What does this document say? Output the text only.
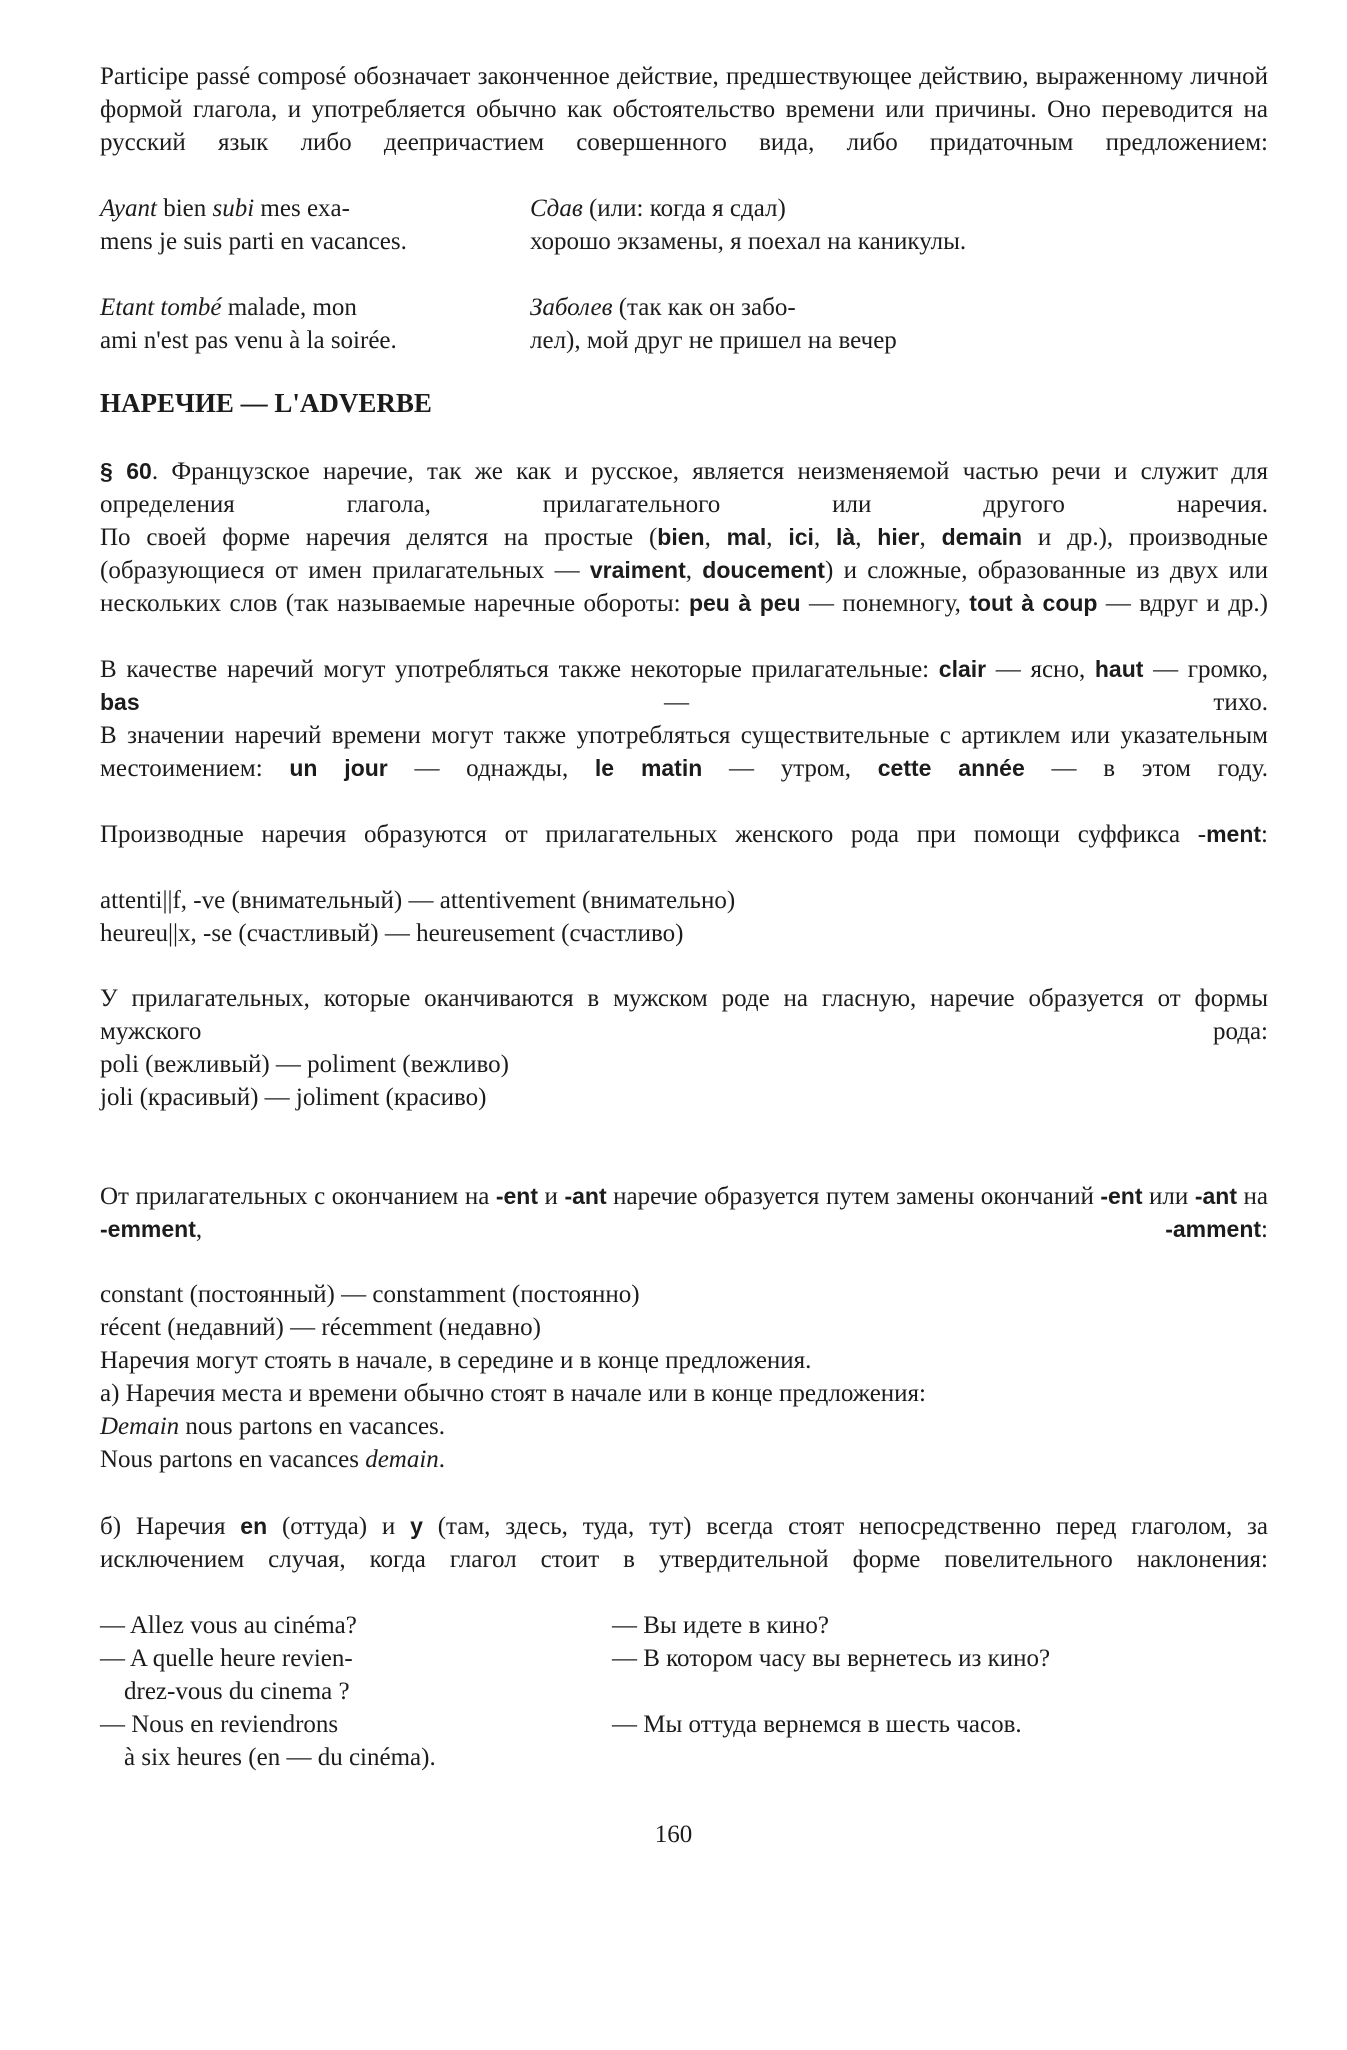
Participe passé composé обозначает законченное действие, предшествующее действию, выраженному личной формой глагола, и употребляется обычно как обстоятельство времени или причины. Оно переводится на русский язык либо деепричастием совершенного вида, либо придаточным предложением:

Ayant bien subi mes exa-
mens je suis parti en vacances.
Сдав (или: когда я сдал)
хорошо экзамены, я поехал на каникулы.
Etant tombé malade, mon
ami n'est pas venu à la soirée.
Заболев (так как он забо-
лел), мой друг не пришел на вечер
НАРЕЧИЕ — L'ADVERBE

§ 60. Французское наречие, так же как и русское, является неизменяемой частью речи и служит для определения глагола, прилагательного или другого наречия.

По своей форме наречия делятся на простые (bien, mal, ici, là, hier, demain и др.), производные (образующиеся от имен прилагательных — vraiment, doucement) и сложные, образованные из двух или нескольких слов (так называемые наречные обороты: peu à peu — понемногу, tout à coup — вдруг и др.)

В качестве наречий могут употребляться также некоторые прилагательные: clair — ясно, haut — громко, bas — тихо.

В значении наречий времени могут также употребляться существительные с артиклем или указательным местоимением: un jour — однажды, le matin — утром, cette année — в этом году.

Производные наречия образуются от прилагательных женского рода при помощи суффикса -ment:

attenti||f, -ve (внимательный) — attentivement (внимательно)
heureu||x, -se (счастливый) — heureusement (счастливо)

У прилагательных, которые оканчиваются в мужском роде на гласную, наречие образуется от формы мужского рода:

poli (вежливый) — poliment (вежливо)
joli (красивый) — joliment (красиво)

От прилагательных с окончанием на -ent и -ant наречие образуется путем замены окончаний -ent или -ant на -emment, -amment:

constant (постоянный) — constamment (постоянно)
récent (недавний) — récemment (недавно)
Наречия могут стоять в начале, в середине и в конце предложения.
а) Наречия места и времени обычно стоят в начале или в конце предложения:
Demain nous partons en vacances.
Nous partons en vacances demain.

б) Наречия en (оттуда) и y (там, здесь, туда, тут) всегда стоят непосредственно перед глаголом, за исключением случая, когда глагол стоит в утвердительной форме повелительного наклонения:

— Allez vous au cinéma?	— Вы идете в кино?
— A quelle heure revien-
drez-vous du cinema ?
— В котором часу вы вернетесь из кино?
— Nous en reviendrons
à six heures (en — du cinéma).
— Мы оттуда вернемся в шесть часов.
160
